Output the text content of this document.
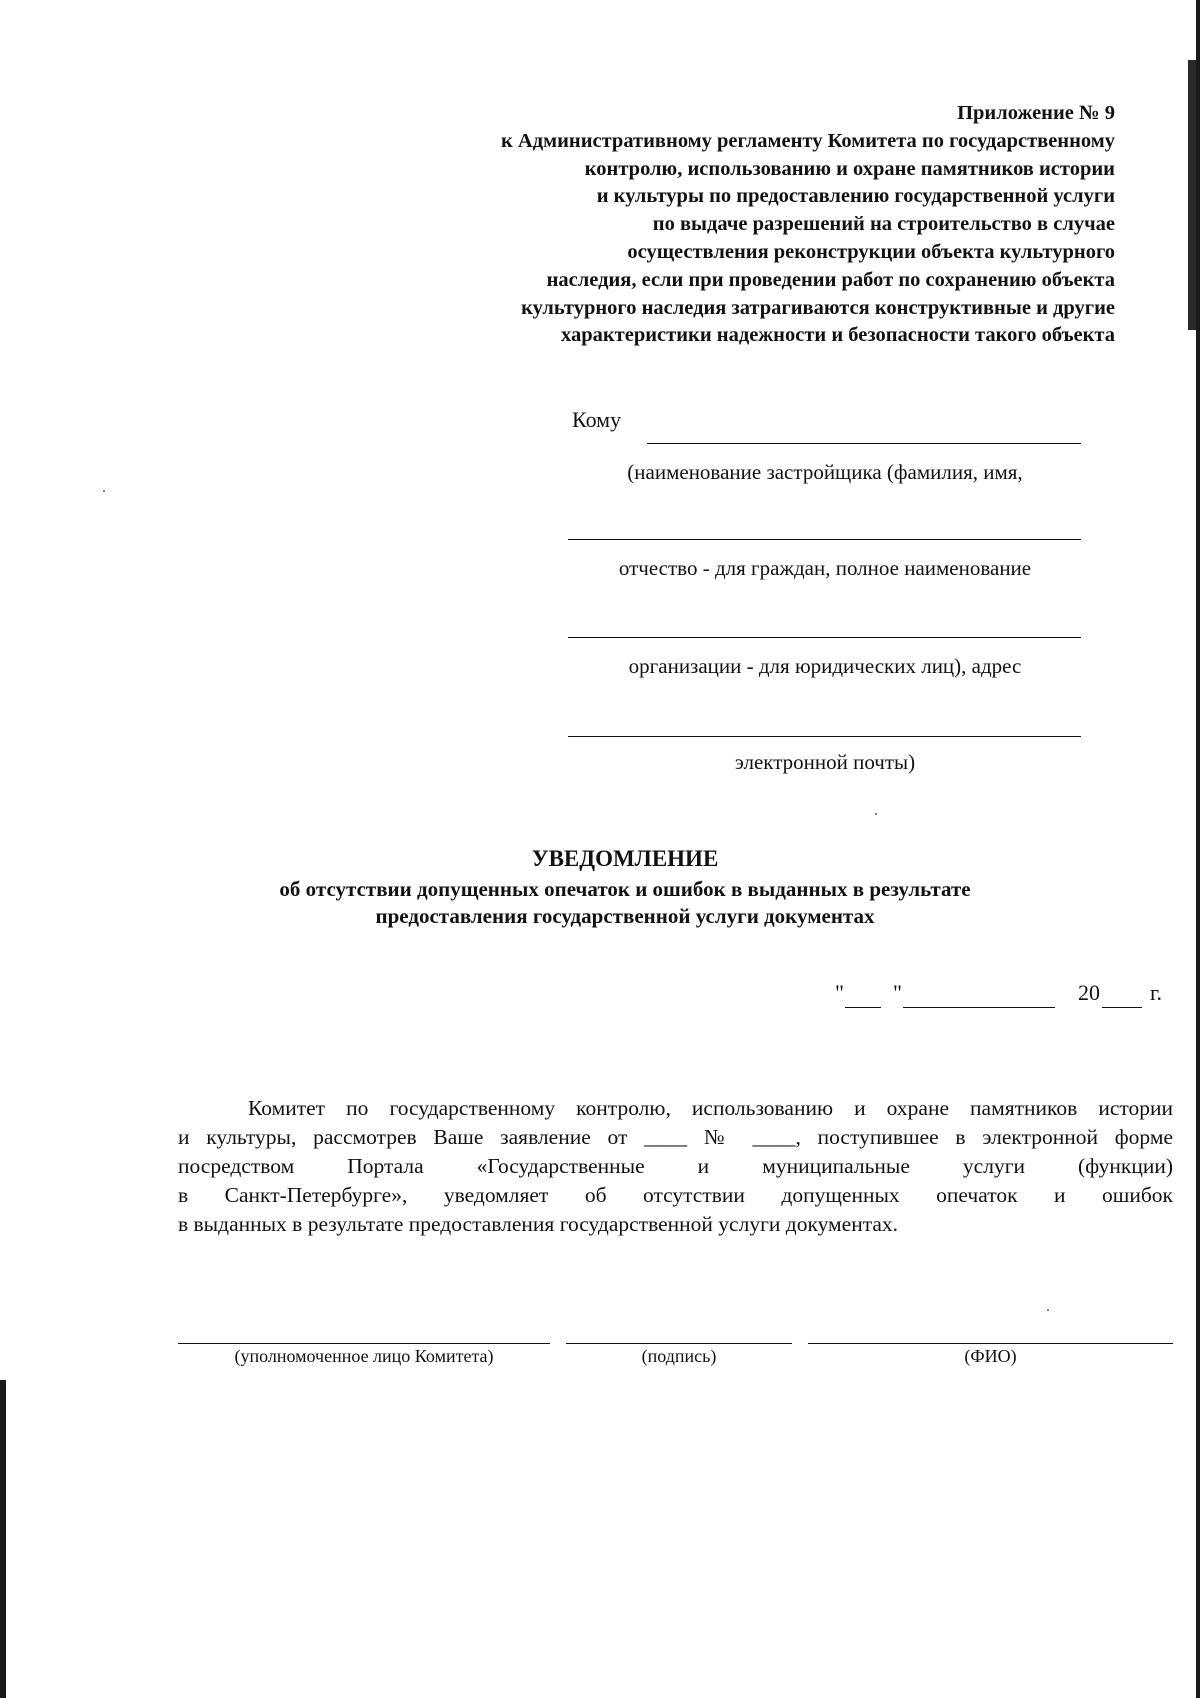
Приложение № 9
к Административному регламенту Комитета по государственному
контролю, использованию и охране памятников истории
и культуры по предоставлению государственной услуги
по выдаче разрешений на строительство в случае
осуществления реконструкции объекта культурного
наследия, если при проведении работ по сохранению объекта
культурного наследия затрагиваются конструктивные и другие
характеристики надежности и безопасности такого объекта
Кому
(наименование застройщика (фамилия, имя,
отчество - для граждан, полное наименование
организации - для юридических лиц), адрес
электронной почты)
УВЕДОМЛЕНИЕ
об отсутствии допущенных опечаток и ошибок в выданных в результате
предоставления государственной услуги документах
" "	20 г.
Комитет по государственному контролю, использованию и охране памятников истории
и культуры, рассмотрев Ваше заявление от ____ № ____, поступившее в электронной форме
посредством Портала «Государственные и муниципальные услуги (функции)
в Санкт-Петербурге», уведомляет об отсутствии допущенных опечаток и ошибок
в выданных в результате предоставления государственной услуги документах.
(уполномоченное лицо Комитета)	(подпись)	(ФИО)
